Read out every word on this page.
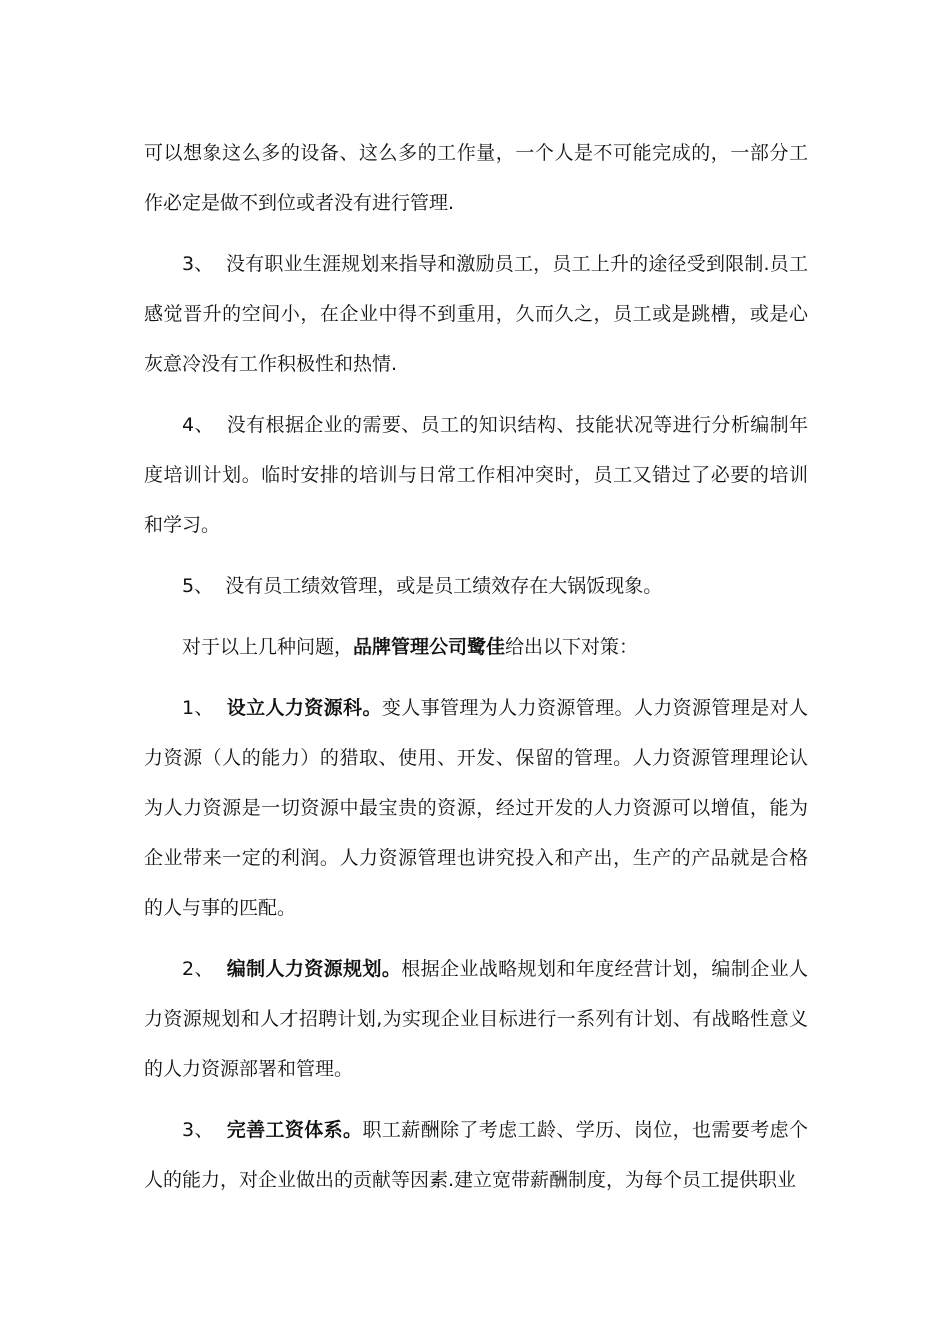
可以想象这么多的设备、这么多的工作量，一个人是不可能完成的，一部分工作必定是做不到位或者没有进行管理.

3、 没有职业生涯规划来指导和激励员工，员工上升的途径受到限制.员工感觉晋升的空间小，在企业中得不到重用，久而久之，员工或是跳槽，或是心灰意冷没有工作积极性和热情.

4、 没有根据企业的需要、员工的知识结构、技能状况等进行分析编制年度培训计划。临时安排的培训与日常工作相冲突时，员工又错过了必要的培训和学习。

5、 没有员工绩效管理，或是员工绩效存在大锅饭现象。

对于以上几种问题，品牌管理公司鹭佳给出以下对策：

1、 设立人力资源科。变人事管理为人力资源管理。人力资源管理是对人力资源（人的能力）的猎取、使用、开发、保留的管理。人力资源管理理论认为人力资源是一切资源中最宝贵的资源，经过开发的人力资源可以增值，能为企业带来一定的利润。人力资源管理也讲究投入和产出，生产的产品就是合格的人与事的匹配。

2、 编制人力资源规划。根据企业战略规划和年度经营计划，编制企业人力资源规划和人才招聘计划,为实现企业目标进行一系列有计划、有战略性意义的人力资源部署和管理。

3、 完善工资体系。职工薪酬除了考虑工龄、学历、岗位，也需要考虑个人的能力，对企业做出的贡献等因素.建立宽带薪酬制度，为每个员工提供职业
